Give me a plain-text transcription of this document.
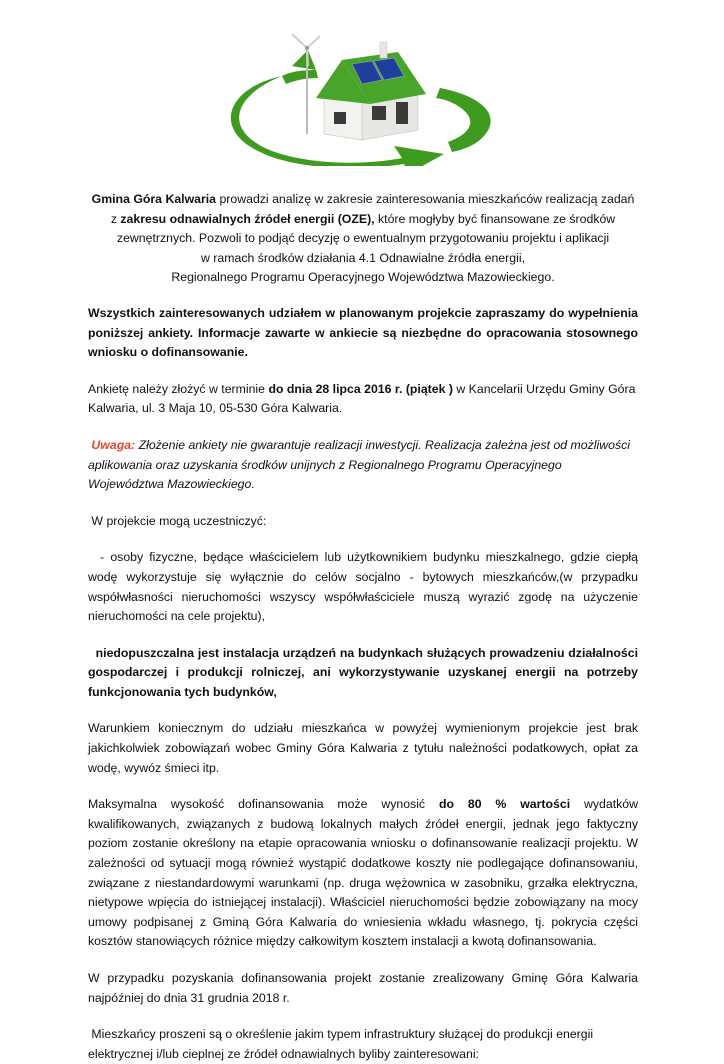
Gmina Góra Kalwaria prowadzi analizę w zakresie zainteresowania mieszkańców realizacją zadań

z zakresu odnawialnych źródeł energii (OZE), które mogłyby być finansowane ze środków

zewnętrznych. Pozwoli to podjąć decyzję o ewentualnym przygotowaniu projektu i aplikacji

w ramach środków działania 4.1 Odnawialne źródła energii,

Regionalnego Programu Operacyjnego Województwa Mazowieckiego.

Wszystkich zainteresowanych udziałem w planowanym projekcie zapraszamy do wypełnienia poniższej ankiety. Informacje zawarte w ankiecie są niezbędne do opracowania stosownego wniosku o dofinansowanie.

Ankietę należy złożyć w terminie do dnia 28 lipca 2016 r. (piątek ) w Kancelarii Urzędu Gminy Góra Kalwaria, ul. 3 Maja 10, 05-530 Góra Kalwaria.

Uwaga: Złożenie ankiety nie gwarantuje realizacji inwestycji. Realizacja zależna jest od możliwości aplikowania oraz uzyskania środków unijnych z Regionalnego Programu Operacyjnego Województwa Mazowieckiego.

W projekcie mogą uczestniczyć:

- osoby fizyczne, będące właścicielem lub użytkownikiem budynku mieszkalnego, gdzie ciepłą wodę wykorzystuje się wyłącznie do celów socjalno - bytowych mieszkańców,(w przypadku współwłasności nieruchomości wszyscy współwłaściciele muszą wyrazić zgodę na użyczenie nieruchomości na cele projektu),

niedopuszczalna jest instalacja urządzeń na budynkach służących prowadzeniu działalności gospodarczej i produkcji rolniczej, ani wykorzystywanie uzyskanej energii na potrzeby funkcjonowania tych budynków,

Warunkiem koniecznym do udziału mieszkańca w powyżej wymienionym projekcie jest brak jakichkolwiek zobowiązań wobec Gminy Góra Kalwaria z tytułu należności podatkowych, opłat za wodę, wywóz śmieci itp.

Maksymalna wysokość dofinansowania może wynosić do 80 % wartości wydatków kwalifikowanych, związanych z budową lokalnych małych źródeł energii, jednak jego faktyczny poziom zostanie określony na etapie opracowania wniosku o dofinansowanie realizacji projektu. W zależności od sytuacji mogą również wystąpić dodatkowe koszty nie podlegające dofinansowaniu, związane z niestandardowymi warunkami (np. druga wężownica w zasobniku, grzałka elektryczna, nietypowe wpięcia do istniejącej instalacji). Właściciel nieruchomości będzie zobowiązany na mocy umowy podpisanej z Gminą Góra Kalwaria do wniesienia wkładu własnego, tj. pokrycia części kosztów stanowiących różnice między całkowitym kosztem instalacji a kwotą dofinansowania.

W przypadku pozyskania dofinansowania projekt zostanie zrealizowany Gminę Góra Kalwaria najpóźniej do dnia 31 grudnia 2018 r.

Mieszkańcy proszeni są o określenie jakim typem infrastruktury służącej do produkcji energii elektrycznej i/lub cieplnej ze źródeł odnawialnych byliby zainteresowani:
